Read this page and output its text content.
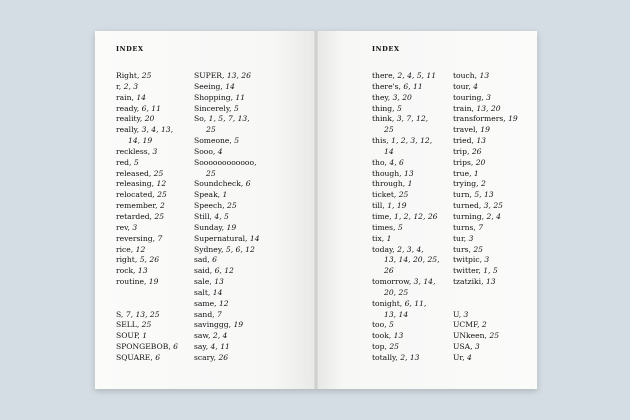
INDEX
Right, 25
r, 2, 3
rain, 14
ready, 6, 11
reality, 20
really, 3, 4, 13,
14, 19
reckless, 3
red, 5
released, 25
releasing, 12
relocated, 25
remember, 2
retarded, 25
rev, 3
reversing, 7
rice, 12
right, 5, 26
rock, 13
routine, 19
S, 7, 13, 25
SELL, 25
SOUP, 1
SPONGEBOB, 6
SQUARE, 6
SUPER, 13, 26
Seeing, 14
Shopping, 11
Sincerely, 5
So, 1, 5, 7, 13,
25
Someone, 5
Sooo, 4
Soooooooooooo,
25
Soundcheck, 6
Speak, 1
Speech, 25
Still, 4, 5
Sunday, 19
Supernatural, 14
Sydney, 5, 6, 12
sad, 6
said, 6, 12
sale, 13
salt, 14
same, 12
sand, 7
savinggg, 19
saw, 2, 4
say, 4, 11
scary, 26
INDEX
there, 2, 4, 5, 11
there's, 6, 11
they, 3, 20
thing, 5
think, 3, 7, 12,
25
this, 1, 2, 3, 12,
14
tho, 4, 6
though, 13
through, 1
ticket, 25
till, 1, 19
time, 1, 2, 12, 26
times, 5
tix, 1
today, 2, 3, 4,
13, 14, 20, 25,
26
tomorrow, 3, 14,
20, 25
tonight, 6, 11,
13, 14
too, 5
took, 13
top, 25
totally, 2, 13
touch, 13
tour, 4
touring, 3
train, 13, 20
transformers, 19
travel, 19
tried, 13
trip, 26
trips, 20
true, 1
trying, 2
turn, 5, 13
turned, 3, 25
turning, 2, 4
turns, 7
tur, 3
turs, 25
twitpic, 3
twitter, 1, 5
tzatziki, 13
U, 3
UCMF, 2
UNkeen, 25
USA, 3
Ur, 4
